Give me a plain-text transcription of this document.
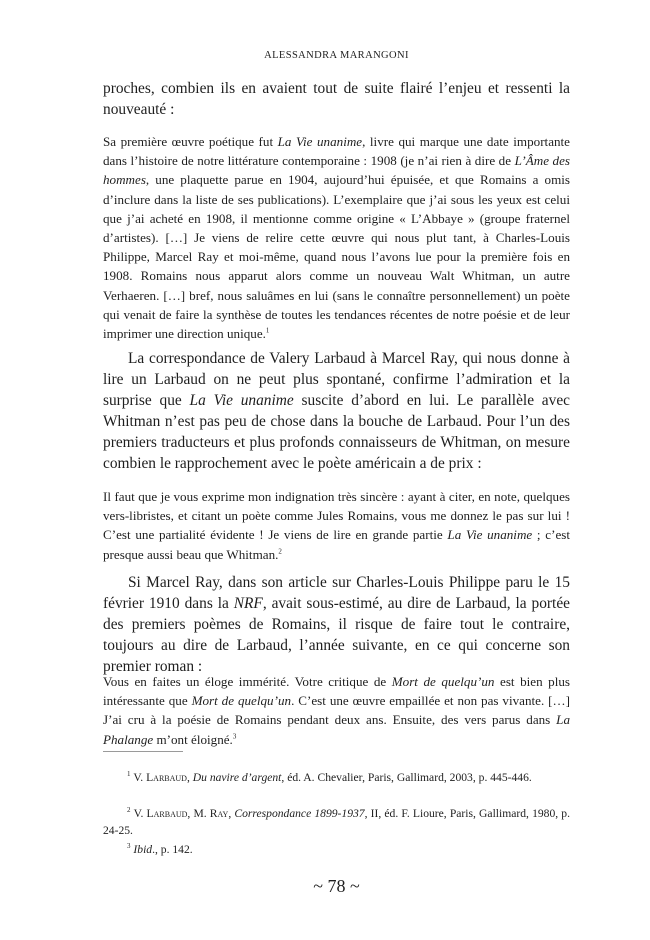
ALESSANDRA MARANGONI

proches, combien ils en avaient tout de suite flairé l’enjeu et ressenti la nouveauté :

Sa première œuvre poétique fut La Vie unanime, livre qui marque une date importante dans l’histoire de notre littérature contemporaine : 1908 (je n’ai rien à dire de L’Âme des hommes, une plaquette parue en 1904, aujourd’hui épuisée, et que Romains a omis d’inclure dans la liste de ses publications). L’exemplaire que j’ai sous les yeux est celui que j’ai acheté en 1908, il mentionne comme origine « L’Abbaye » (groupe fraternel d’artistes). […] Je viens de relire cette œuvre qui nous plut tant, à Charles-Louis Philippe, Marcel Ray et moi-même, quand nous l’avons lue pour la première fois en 1908. Romains nous apparut alors comme un nouveau Walt Whitman, un autre Verhaeren. […] bref, nous saluâmes en lui (sans le connaître personnellement) un poète qui venait de faire la synthèse de toutes les tendances récentes de notre poésie et de leur imprimer une direction unique.$^1$

La correspondance de Valery Larbaud à Marcel Ray, qui nous donne à lire un Larbaud on ne peut plus spontané, confirme l’admiration et la surprise que La Vie unanime suscite d’abord en lui. Le parallèle avec Whitman n’est pas peu de chose dans la bouche de Larbaud. Pour l’un des premiers traducteurs et plus profonds connaisseurs de Whitman, on mesure combien le rapprochement avec le poète américain a de prix :

Il faut que je vous exprime mon indignation très sincère : ayant à citer, en note, quelques vers-libristes, et citant un poète comme Jules Romains, vous me donnez le pas sur lui ! C’est une partialité évidente ! Je viens de lire en grande partie La Vie unanime ; c’est presque aussi beau que Whitman.$^2$

Si Marcel Ray, dans son article sur Charles-Louis Philippe paru le 15 février 1910 dans la NRF, avait sous-estimé, au dire de Larbaud, la portée des premiers poèmes de Romains, il risque de faire tout le contraire, toujours au dire de Larbaud, l’année suivante, en ce qui concerne son premier roman :

Vous en faites un éloge immérité. Votre critique de Mort de quelqu’un est bien plus intéressante que Mort de quelqu’un. C’est une œuvre empaillée et non pas vivante. […] J’ai cru à la poésie de Romains pendant deux ans. Ensuite, des vers parus dans La Phalange m’ont éloigné.$^3$

$^1$ V. Larbaud, Du navire d’argent, éd. A. Chevalier, Paris, Gallimard, 2003, p. 445-446.

$^2$ V. Larbaud, M. Ray, Correspondance 1899-1937, II, éd. F. Lioure, Paris, Gallimard, 1980, p. 24-25.

$^3$ Ibid., p. 142.

~ 78 ~
